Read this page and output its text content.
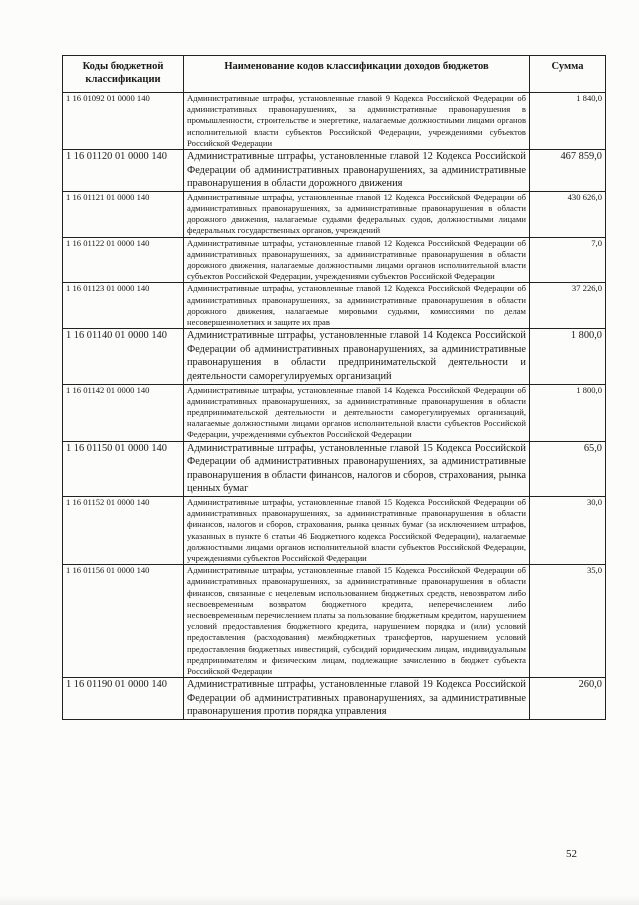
Коды бюджетной классификации	Наименование кодов классификации доходов бюджетов	Сумма
1 16 01092 01 0000 140	Административные штрафы, установленные главой 9 Кодекса Российской Федерации об административных правонарушениях, за административные правонарушения в промышленности, строительстве и энергетике, налагаемые должностными лицами органов исполнительной власти субъектов Российской Федерации, учреждениями субъектов Российской Федерации	1 840,0
1 16 01120 01 0000 140	Административные штрафы, установленные главой 12 Кодекса Российской Федерации об административных правонарушениях, за административные правонарушения в области дорожного движения	467 859,0
1 16 01121 01 0000 140	Административные штрафы, установленные главой 12 Кодекса Российской Федерации об административных правонарушениях, за административные правонарушения в области дорожного движения, налагаемые судьями федеральных судов, должностными лицами федеральных государственных органов, учреждений	430 626,0
1 16 01122 01 0000 140	Административные штрафы, установленные главой 12 Кодекса Российской Федерации об административных правонарушениях, за административные правонарушения в области дорожного движения, налагаемые должностными лицами органов исполнительной власти субъектов Российской Федерации, учреждениями субъектов Российской Федерации	7,0
1 16 01123 01 0000 140	Административные штрафы, установленные главой 12 Кодекса Российской Федерации об административных правонарушениях, за административные правонарушения в области дорожного движения, налагаемые мировыми судьями, комиссиями по делам несовершеннолетних и защите их прав	37 226,0
1 16 01140 01 0000 140	Административные штрафы, установленные главой 14 Кодекса Российской Федерации об административных правонарушениях, за административные правонарушения в области предпринимательской деятельности и деятельности саморегулируемых организаций	1 800,0
1 16 01142 01 0000 140	Административные штрафы, установленные главой 14 Кодекса Российской Федерации об административных правонарушениях, за административные правонарушения в области предпринимательской деятельности и деятельности саморегулируемых организаций, налагаемые должностными лицами органов исполнительной власти субъектов Российской Федерации, учреждениями субъектов Российской Федерации	1 800,0
1 16 01150 01 0000 140	Административные штрафы, установленные главой 15 Кодекса Российской Федерации об административных правонарушениях, за административные правонарушения в области финансов, налогов и сборов, страхования, рынка ценных бумаг	65,0
1 16 01152 01 0000 140	Административные штрафы, установленные главой 15 Кодекса Российской Федерации об административных правонарушениях, за административные правонарушения в области финансов, налогов и сборов, страхования, рынка ценных бумаг (за исключением штрафов, указанных в пункте 6 статьи 46 Бюджетного кодекса Российской Федерации), налагаемые должностными лицами органов исполнительной власти субъектов Российской Федерации, учреждениями субъектов Российской Федерации	30,0
1 16 01156 01 0000 140	Административные штрафы, установленные главой 15 Кодекса Российской Федерации об административных правонарушениях, за административные правонарушения в области финансов, связанные с нецелевым использованием бюджетных средств, невозвратом либо несвоевременным возвратом бюджетного кредита, неперечислением либо несвоевременным перечислением платы за пользование бюджетным кредитом, нарушением условий предоставления бюджетного кредита, нарушением порядка и (или) условий предоставления (расходования) межбюджетных трансфертов, нарушением условий предоставления бюджетных инвестиций, субсидий юридическим лицам, индивидуальным предпринимателям и физическим лицам, подлежащие зачислению в бюджет субъекта Российской Федерации	35,0
1 16 01190 01 0000 140	Административные штрафы, установленные главой 19 Кодекса Российской Федерации об административных правонарушениях, за административные правонарушения против порядка управления	260,0
52
